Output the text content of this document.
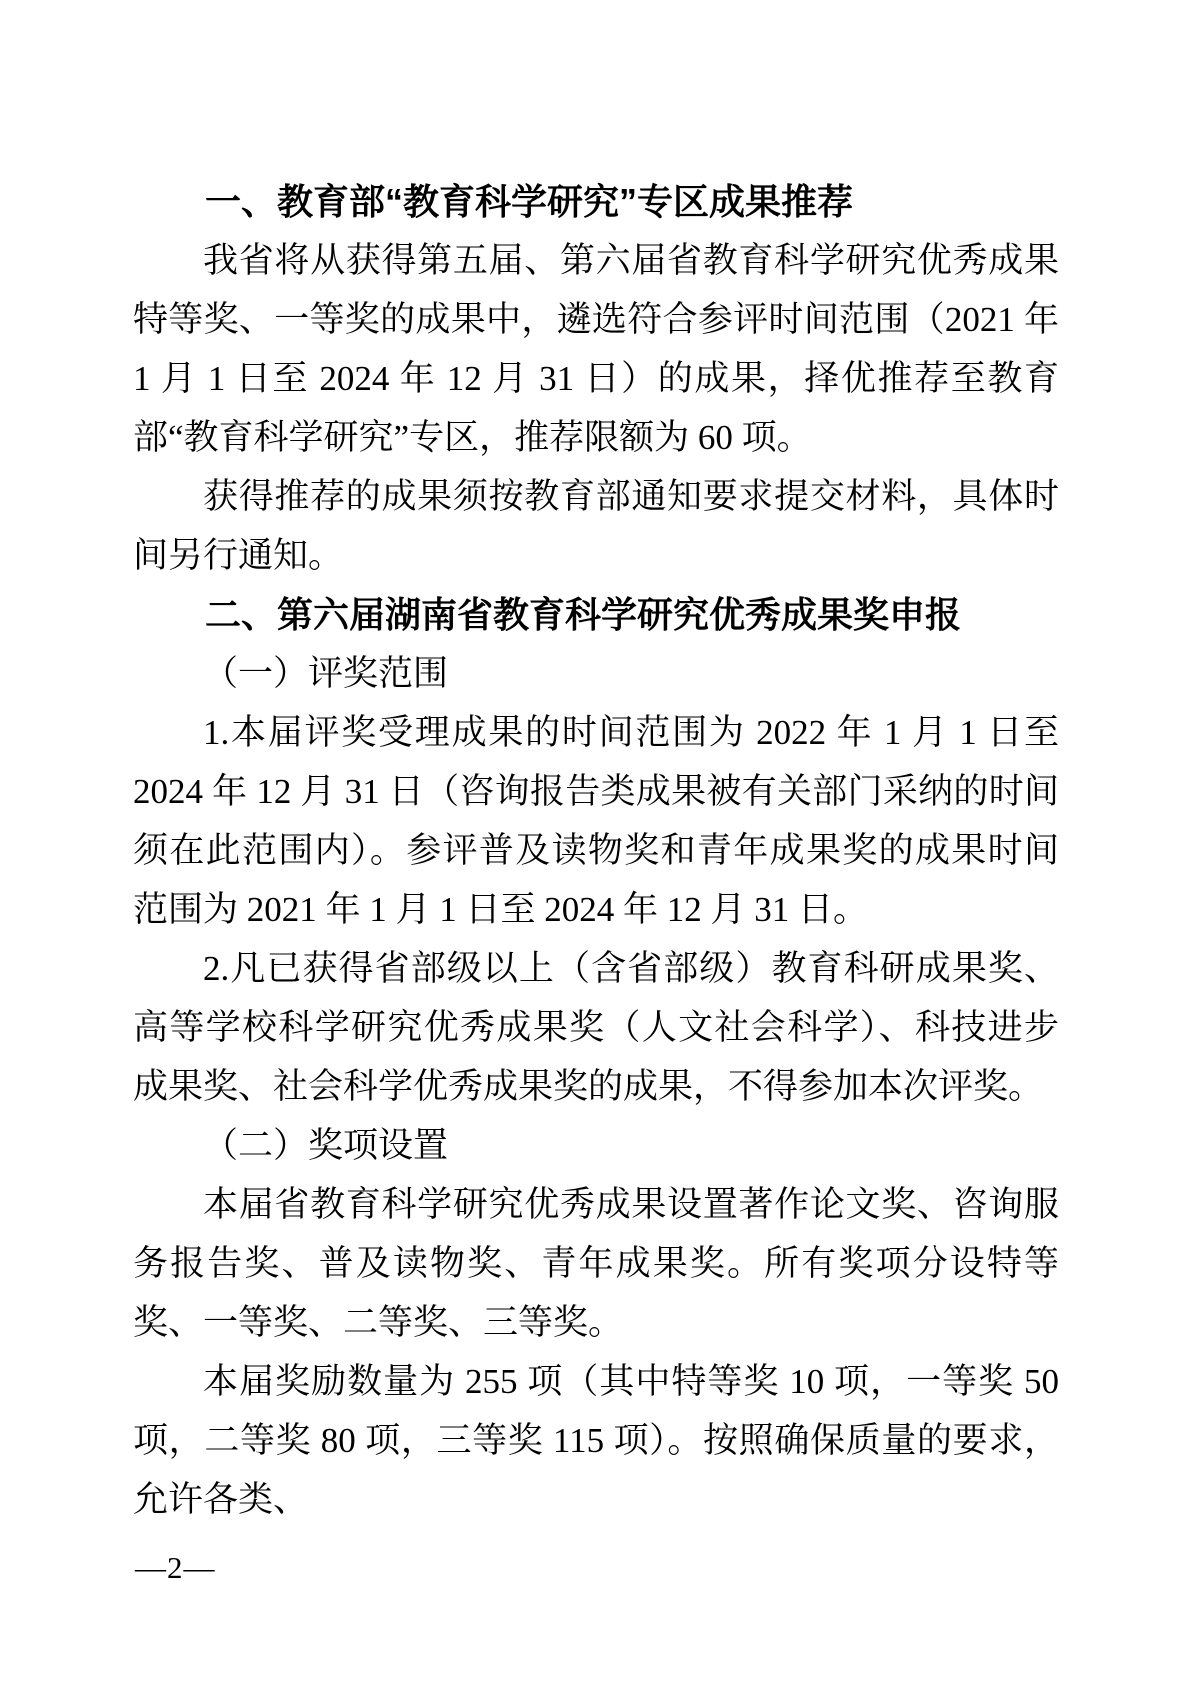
一、教育部“教育科学研究”专区成果推荐

我省将从获得第五届、第六届省教育科学研究优秀成果特等奖、一等奖的成果中，遴选符合参评时间范围（2021 年 1 月 1 日至 2024 年 12 月 31 日）的成果，择优推荐至教育部“教育科学研究”专区，推荐限额为 60 项。

获得推荐的成果须按教育部通知要求提交材料，具体时间另行通知。

二、第六届湖南省教育科学研究优秀成果奖申报
（一）评奖范围

1.本届评奖受理成果的时间范围为 2022 年 1 月 1 日至 2024 年 12 月 31 日（咨询报告类成果被有关部门采纳的时间须在此范围内）。参评普及读物奖和青年成果奖的成果时间范围为 2021 年 1 月 1 日至 2024 年 12 月 31 日。

2.凡已获得省部级以上（含省部级）教育科研成果奖、高等学校科学研究优秀成果奖（人文社会科学）、科技进步成果奖、社会科学优秀成果奖的成果，不得参加本次评奖。

（二）奖项设置

本届省教育科学研究优秀成果设置著作论文奖、咨询服务报告奖、普及读物奖、青年成果奖。所有奖项分设特等奖、一等奖、二等奖、三等奖。

本届奖励数量为 255 项（其中特等奖 10 项，一等奖 50 项，二等奖 80 项，三等奖 115 项）。按照确保质量的要求，允许各类、

—2—
